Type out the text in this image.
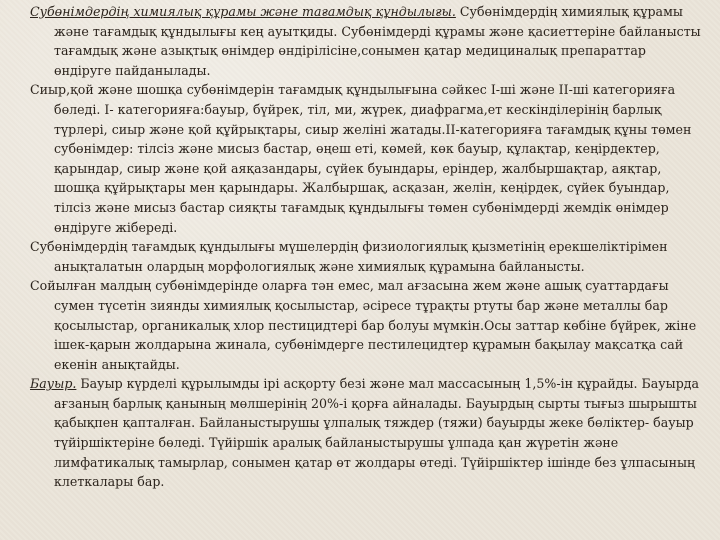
Субөнімдердің химиялық құрамы және тағамдық құндылығы. Субөнімдердің химиялық құрамы және тағамдық құндылығы кең ауытқиды. Субөнімдерді құрамы және қасиеттеріне байланысты тағамдық және азықтық өнімдер өндірілісіне,сонымен қатар медициналық препараттар өндіруге пайданылады.

Сиыр,қой және шошқа субөнімдерін тағамдық құндылығына сәйкес І-ші және ІІ-ші категорияға бөледі. І- категорияға:бауыр, бүйрек, тіл, ми, жүрек, диафрагма,ет кескінділерінің барлық түрлері, сиыр және қой құйрықтары, сиыр желіні жатады.ІІ-категорияға тағамдық құны төмен субөнімдер: тілсіз және мисыз бастар, өңеш еті, көмей, көк бауыр, құлақтар, кеңірдектер, қарындар, сиыр және қой аяқазандары, сүйек буындары, еріндер, жалбыршақтар, аяқтар, шошқа құйрықтары мен қарындары. Жалбыршақ, асқазан, желін, кеңірдек, сүйек буындар, тілсіз және мисыз бастар сияқты тағамдық құндылығы төмен субөнімдерді жемдік өнімдер өндіруге жібереді.

Субөнімдердің тағамдық құндылығы мүшелердің физиологиялық қызметінің ерекшеліктірімен анықталатын олардың морфологиялық және химиялық құрамына байланысты.

Сойылған малдың субөнімдерінде оларға тән емес, мал ағзасына жем және ашық суаттардағы сумен түсетін зиянды химиялық қосылыстар, әсіресе тұрақты ртуты бар және металлы бар қосылыстар, органикалық хлор пестицидтері бар болуы мүмкін.Осы заттар көбіне бүйрек, жіне ішек-қарын жолдарына жинала, субөнімдерге пестилецидтер құрамын бақылау мақсатқа сай екенін анықтайды.

Бауыр. Бауыр күрделі құрылымды ірі асқорту безі және мал массасының 1,5%-ін құрайды. Бауырда ағзаның барлық қанының мөлшерінің 20%-і қорға айналады. Бауырдың сырты тығыз шырышты қабықпен қапталған. Байланыстырушы ұлпалық тяждер (тяжи) бауырды жеке бөліктер- бауыр түйіршіктеріне бөледі. Түйіршік аралық байланыстырушы ұлпада қан жүретін және лимфатикалық тамырлар, сонымен қатар өт жолдары өтеді. Түйіршіктер ішінде без ұлпасының клеткалары бар.
